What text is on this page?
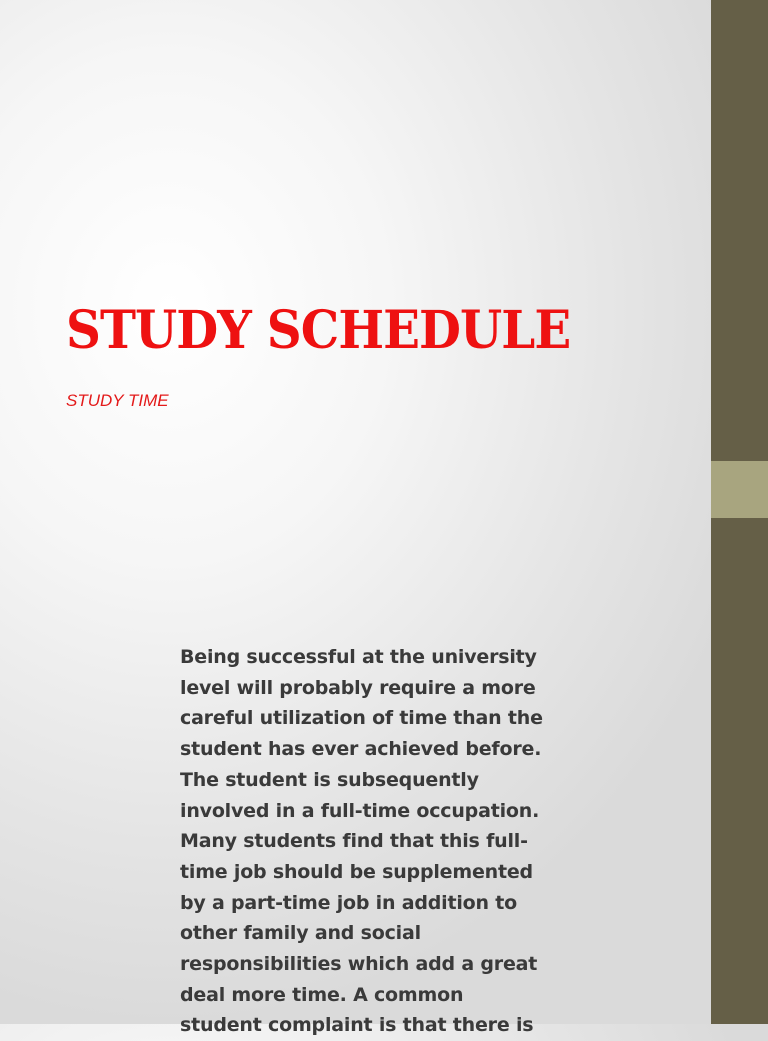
STUDY SCHEDULE

STUDY TIME

Being successful at the university level will probably require a more careful utilization of time than the student has ever achieved before. The student is subsequently involved in a full-time occupation. Many students find that this full-time job should be supplemented by a part-time job in addition to other family and social responsibilities which add a great deal more time. A common student complaint is that there is
